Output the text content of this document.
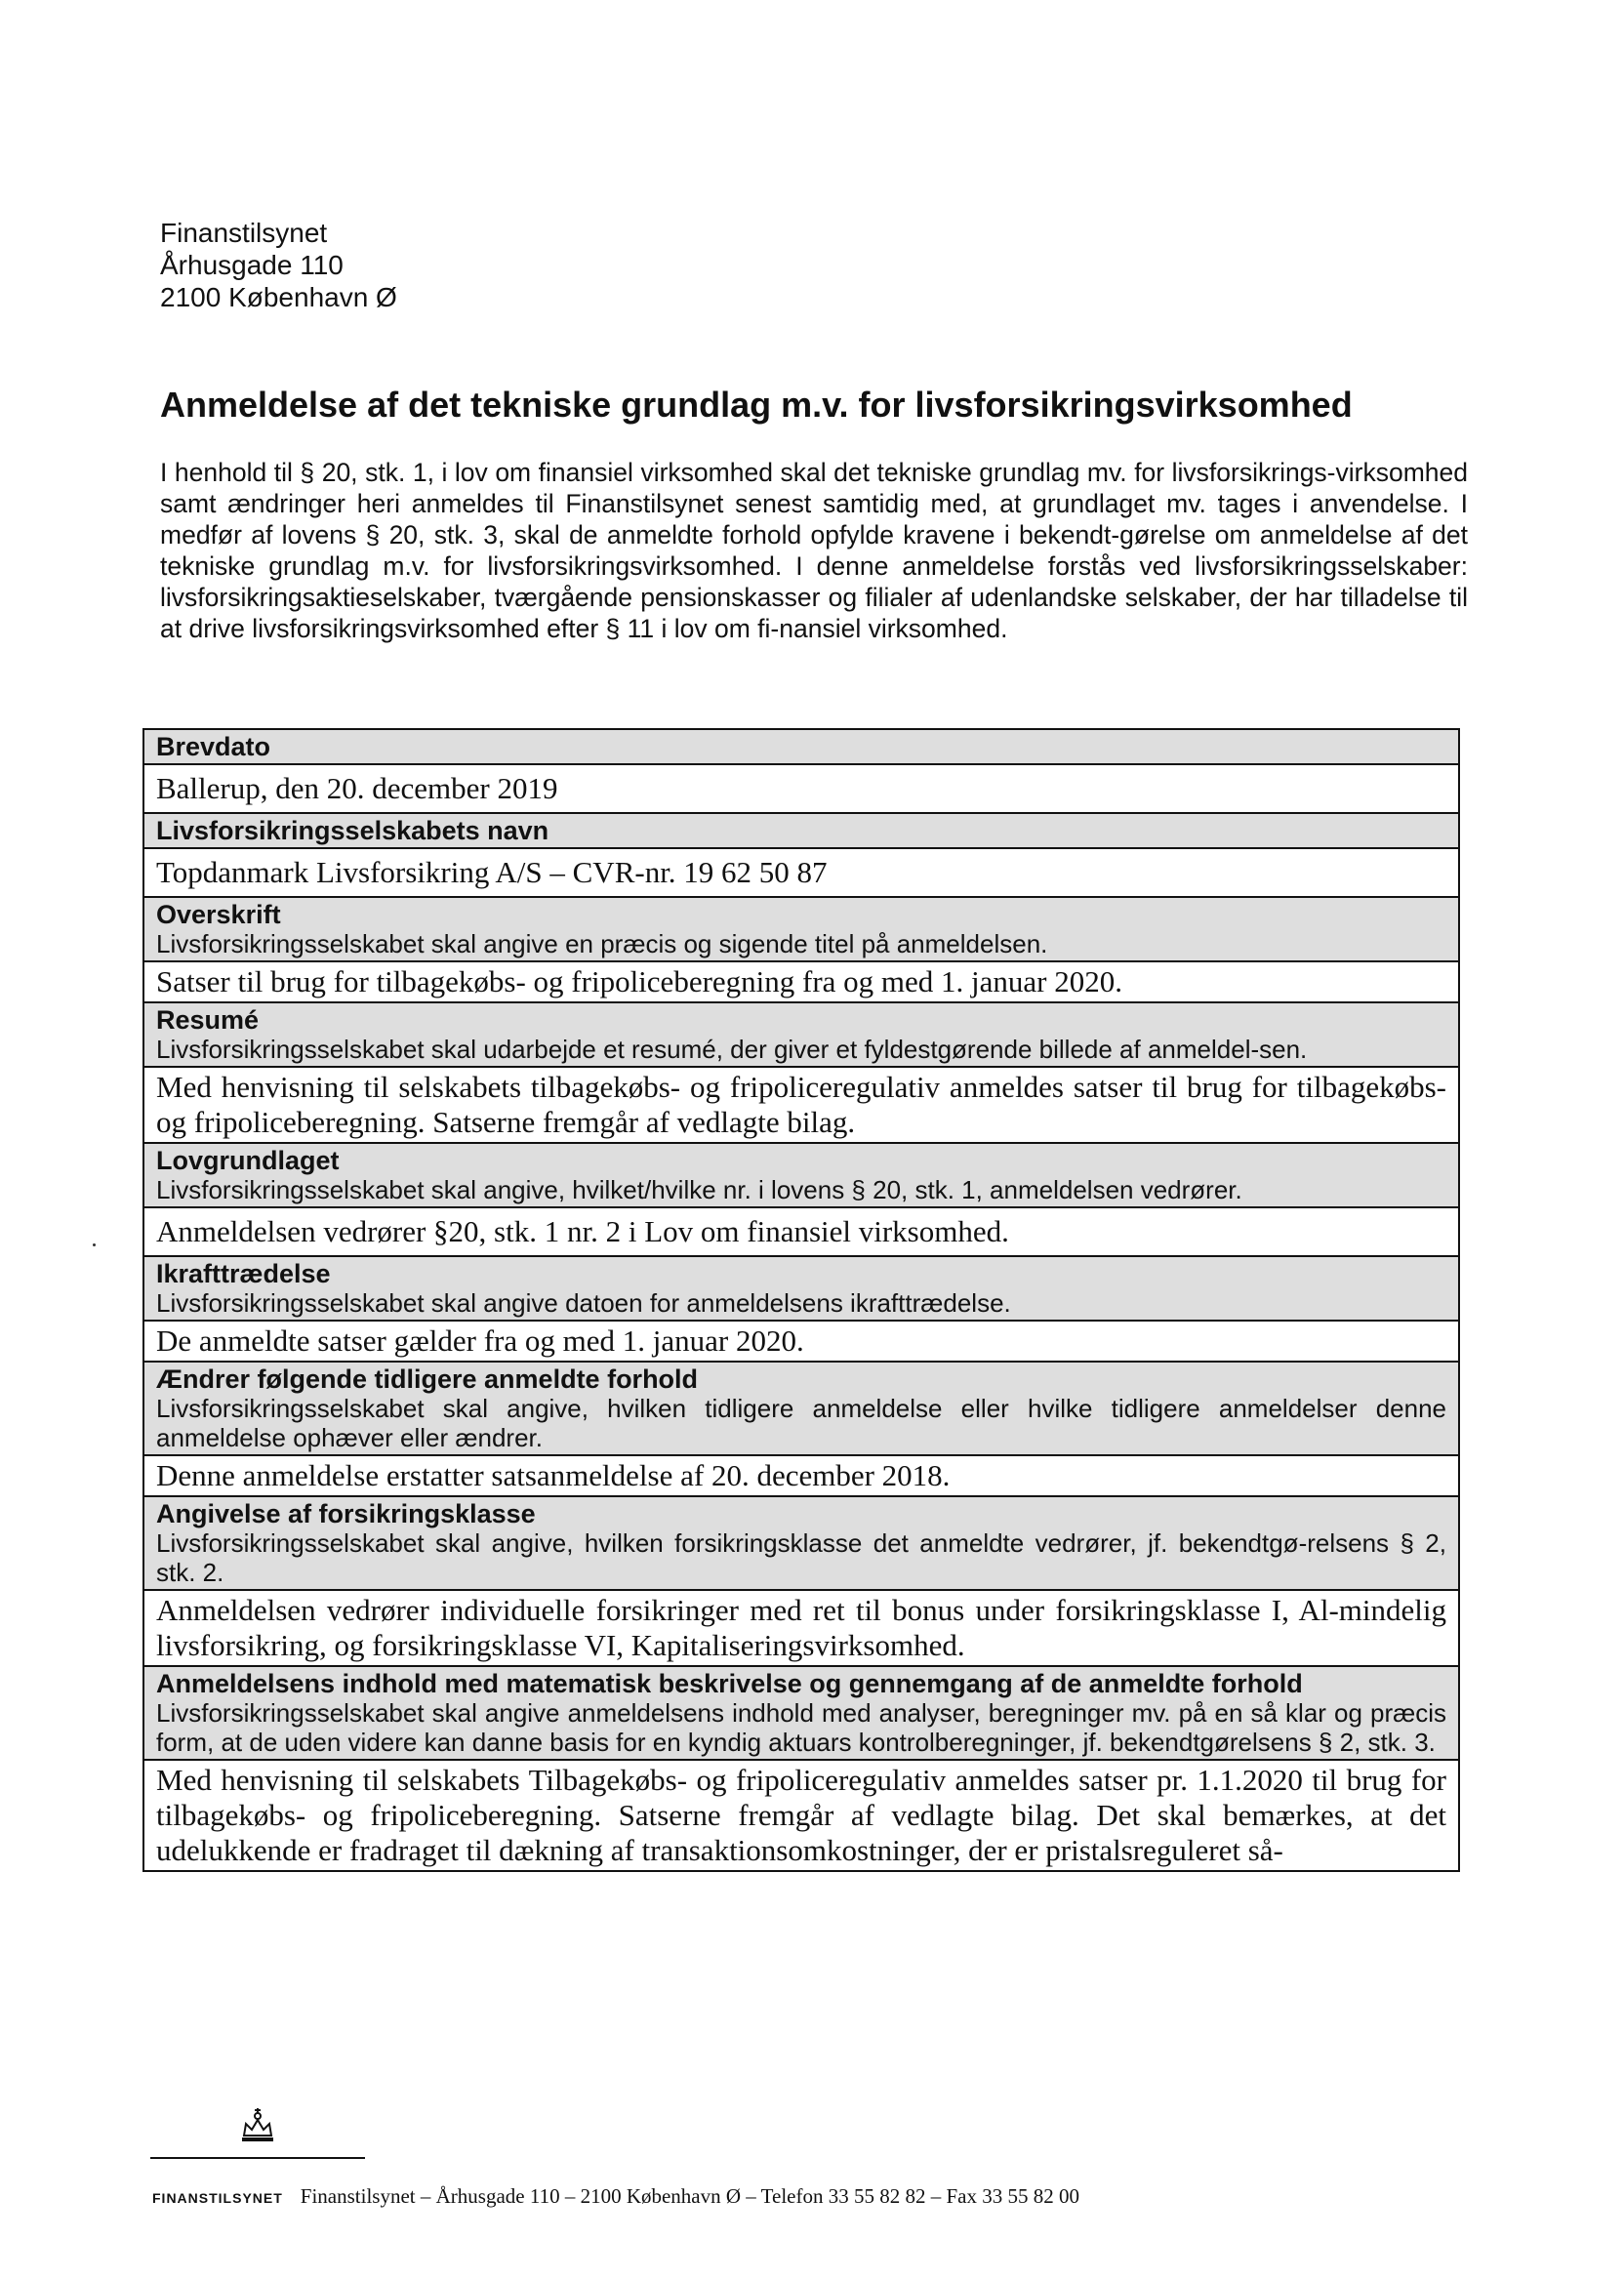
Finanstilsynet
Århusgade 110
2100 København Ø
Anmeldelse af det tekniske grundlag m.v. for livsforsikringsvirksomhed
I henhold til § 20, stk. 1, i lov om finansiel virksomhed skal det tekniske grundlag mv. for livsforsikrings-virksomhed samt ændringer heri anmeldes til Finanstilsynet senest samtidig med, at grundlaget mv. tages i anvendelse. I medfør af lovens § 20, stk. 3, skal de anmeldte forhold opfylde kravene i bekendt-gørelse om anmeldelse af det tekniske grundlag m.v. for livsforsikringsvirksomhed. I denne anmeldelse forstås ved livsforsikringsselskaber: livsforsikringsaktieselskaber, tværgående pensionskasser og filialer af udenlandske selskaber, der har tilladelse til at drive livsforsikringsvirksomhed efter § 11 i lov om fi-nansiel virksomhed.
Brevdato
Ballerup, den 20. december 2019
Livsforsikringsselskabets navn
Topdanmark Livsforsikring A/S – CVR-nr. 19 62 50 87
Overskrift
Livsforsikringsselskabet skal angive en præcis og sigende titel på anmeldelsen.
Satser til brug for tilbagekøbs- og fripoliceberegning fra og med 1. januar 2020.
Resumé
Livsforsikringsselskabet skal udarbejde et resumé, der giver et fyldestgørende billede af anmeldel-sen.
Med henvisning til selskabets tilbagekøbs- og fripoliceregulativ anmeldes satser til brug for tilbagekøbs- og fripoliceberegning. Satserne fremgår af vedlagte bilag.
Lovgrundlaget
Livsforsikringsselskabet skal angive, hvilket/hvilke nr. i lovens § 20, stk. 1, anmeldelsen vedrører.
Anmeldelsen vedrører §20, stk. 1 nr. 2 i Lov om finansiel virksomhed.
Ikrafttrædelse
Livsforsikringsselskabet skal angive datoen for anmeldelsens ikrafttrædelse.
De anmeldte satser gælder fra og med 1. januar 2020.
Ændrer følgende tidligere anmeldte forhold
Livsforsikringsselskabet skal angive, hvilken tidligere anmeldelse eller hvilke tidligere anmeldelser denne anmeldelse ophæver eller ændrer.
Denne anmeldelse erstatter satsanmeldelse af 20. december 2018.
Angivelse af forsikringsklasse
Livsforsikringsselskabet skal angive, hvilken forsikringsklasse det anmeldte vedrører, jf. bekendtgø-relsens § 2, stk. 2.
Anmeldelsen vedrører individuelle forsikringer med ret til bonus under forsikringsklasse I, Al-mindelig livsforsikring, og forsikringsklasse VI, Kapitaliseringsvirksomhed.
Anmeldelsens indhold med matematisk beskrivelse og gennemgang af de anmeldte forhold
Livsforsikringsselskabet skal angive anmeldelsens indhold med analyser, beregninger mv. på en så klar og præcis form, at de uden videre kan danne basis for en kyndig aktuars kontrolberegninger, jf. bekendtgørelsens § 2, stk. 3.
Med henvisning til selskabets Tilbagekøbs- og fripoliceregulativ anmeldes satser pr. 1.1.2020 til brug for tilbagekøbs- og fripoliceberegning. Satserne fremgår af vedlagte bilag. Det skal bemærkes, at det udelukkende er fradraget til dækning af transaktionsomkostninger, der er pristalsreguleret så-
FINANSTILSYNET Finanstilsynet – Århusgade 110 – 2100 København Ø – Telefon 33 55 82 82 – Fax 33 55 82 00
